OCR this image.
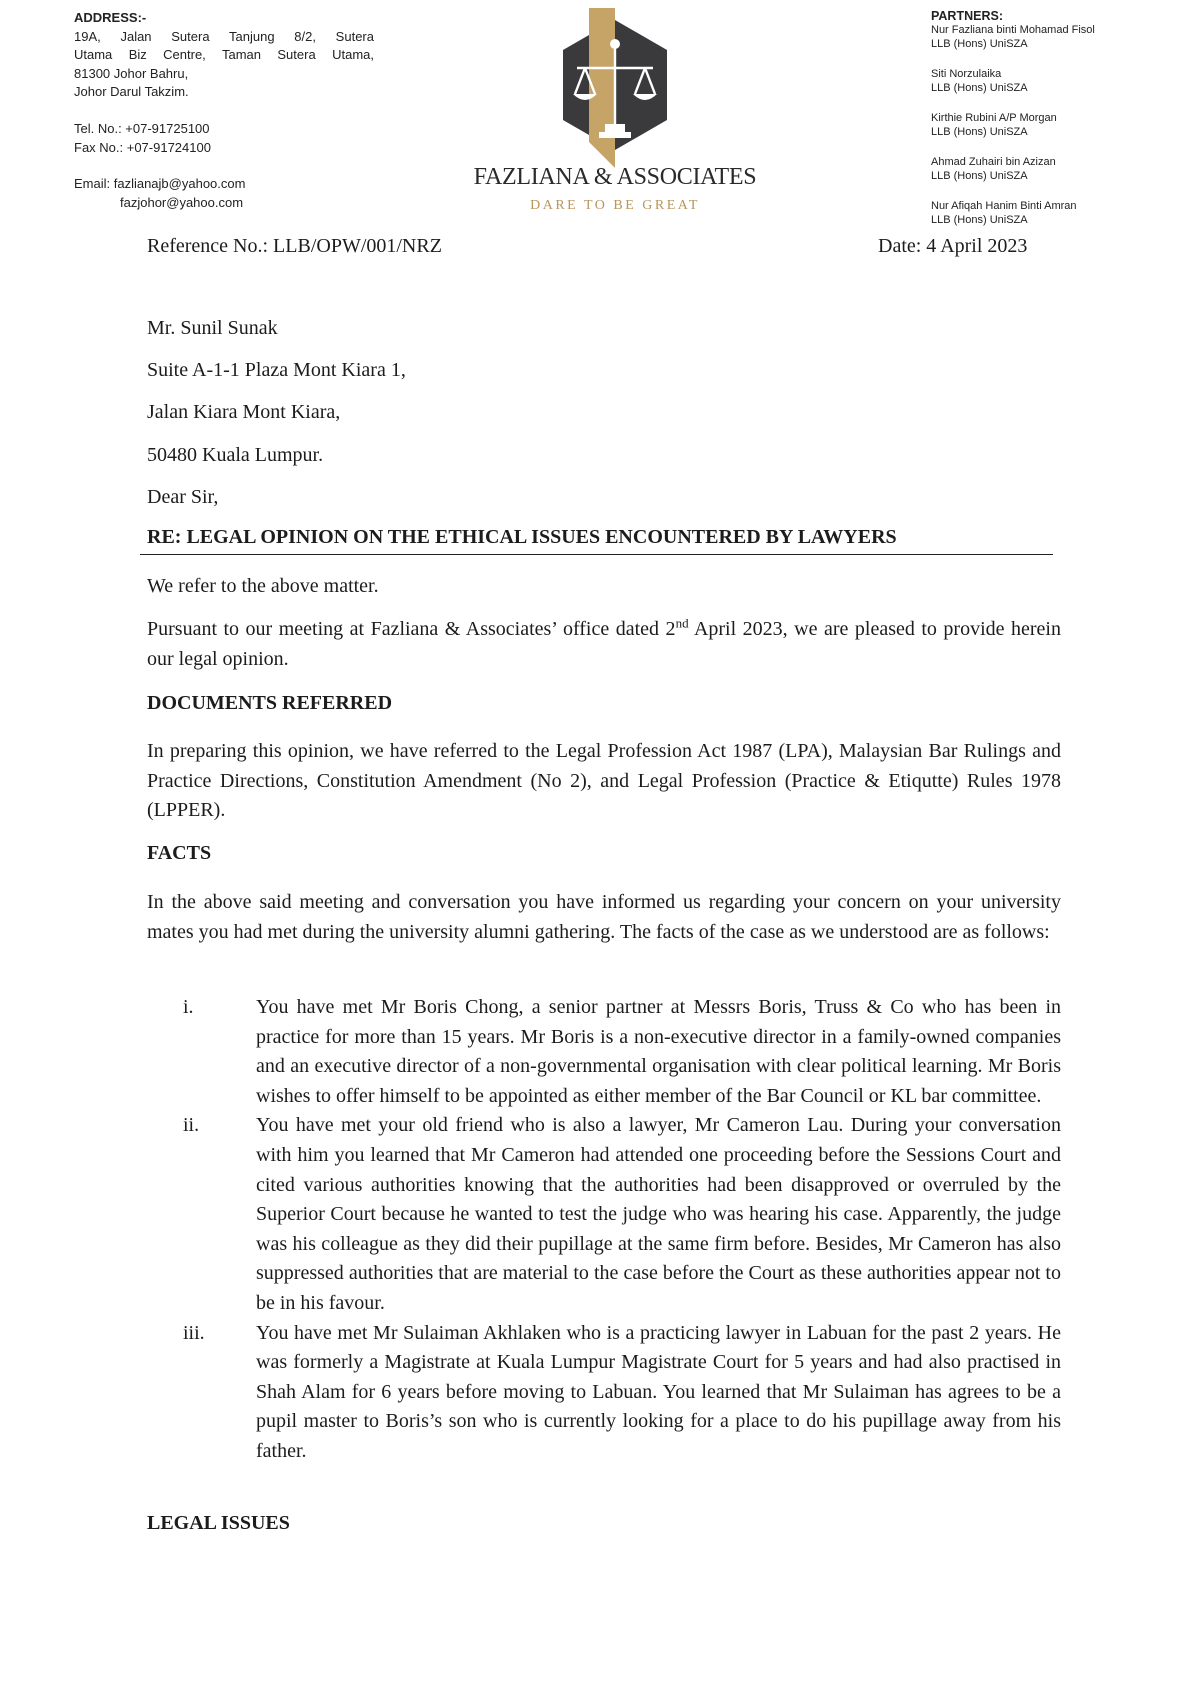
ADDRESS:-
19A, Jalan Sutera Tanjung 8/2, Sutera
Utama Biz Centre, Taman Sutera Utama,
81300 Johor Bahru,
Johor Darul Takzim.
Tel. No.: +07-91725100
Fax No.: +07-91724100
Email: fazlianajb@yahoo.com
fazjohor@yahoo.com
FAZLIANA & ASSOCIATES
DARE TO BE GREAT
PARTNERS:
Nur Fazliana binti Mohamad Fisol
LLB (Hons) UniSZA
Siti Norzulaika
LLB (Hons) UniSZA
Kirthie Rubini A/P Morgan
LLB (Hons) UniSZA
Ahmad Zuhairi bin Azizan
LLB (Hons) UniSZA
Nur Afiqah Hanim Binti Amran
LLB (Hons) UniSZA
Reference No.: LLB/OPW/001/NRZ	Date: 4 April 2023
Mr. Sunil Sunak
Suite A-1-1 Plaza Mont Kiara 1,
Jalan Kiara Mont Kiara,
50480 Kuala Lumpur.
Dear Sir,
RE: LEGAL OPINION ON THE ETHICAL ISSUES ENCOUNTERED BY LAWYERS

We refer to the above matter.

Pursuant to our meeting at Fazliana & Associates’ office dated 2nd April 2023, we are pleased to provide herein our legal opinion.

DOCUMENTS REFERRED

In preparing this opinion, we have referred to the Legal Profession Act 1987 (LPA), Malaysian Bar Rulings and Practice Directions, Constitution Amendment (No 2), and Legal Profession (Practice & Etiqutte) Rules 1978 (LPPER).

FACTS

In the above said meeting and conversation you have informed us regarding your concern on your university mates you had met during the university alumni gathering. The facts of the case as we understood are as follows:

i.	You have met Mr Boris Chong, a senior partner at Messrs Boris, Truss & Co who has been in practice for more than 15 years. Mr Boris is a non-executive director in a family-owned companies and an executive director of a non-governmental organisation with clear political learning. Mr Boris wishes to offer himself to be appointed as either member of the Bar Council or KL bar committee.
ii.	You have met your old friend who is also a lawyer, Mr Cameron Lau. During your conversation with him you learned that Mr Cameron had attended one proceeding before the Sessions Court and cited various authorities knowing that the authorities had been disapproved or overruled by the Superior Court because he wanted to test the judge who was hearing his case. Apparently, the judge was his colleague as they did their pupillage at the same firm before. Besides, Mr Cameron has also suppressed authorities that are material to the case before the Court as these authorities appear not to be in his favour.
iii.	You have met Mr Sulaiman Akhlaken who is a practicing lawyer in Labuan for the past 2 years. He was formerly a Magistrate at Kuala Lumpur Magistrate Court for 5 years and had also practised in Shah Alam for 6 years before moving to Labuan. You learned that Mr Sulaiman has agrees to be a pupil master to Boris’s son who is currently looking for a place to do his pupillage away from his father.
LEGAL ISSUES
